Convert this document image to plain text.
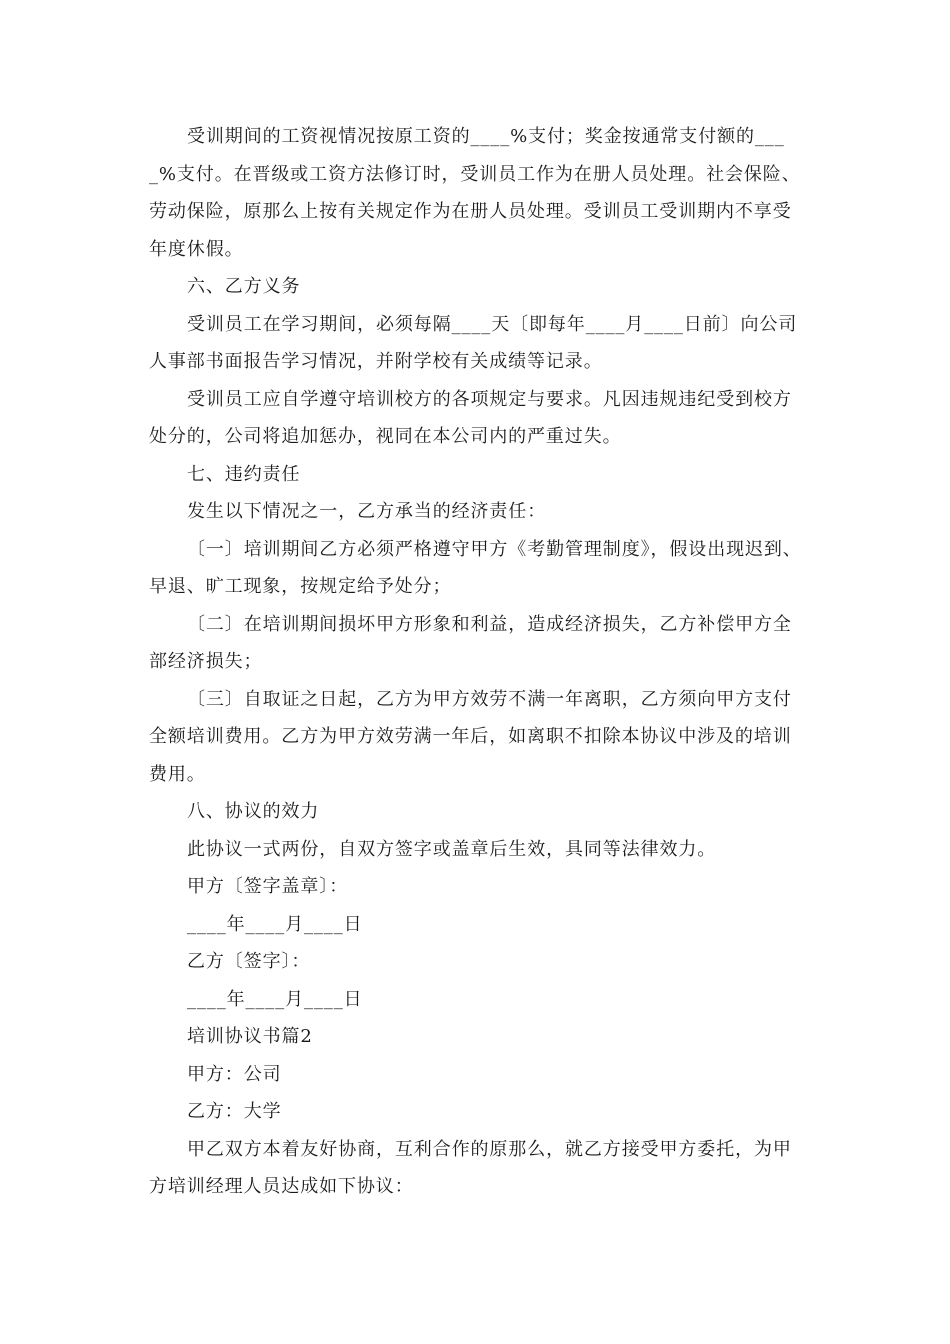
受训期间的工资视情况按原工资的____%支付；奖金按通常支付额的____%支付。在晋级或工资方法修订时，受训员工作为在册人员处理。社会保险、劳动保险，原那么上按有关规定作为在册人员处理。受训员工受训期内不享受年度休假。

六、乙方义务

受训员工在学习期间，必须每隔____天〔即每年____月____日前〕向公司人事部书面报告学习情况，并附学校有关成绩等记录。

受训员工应自学遵守培训校方的各项规定与要求。凡因违规违纪受到校方处分的，公司将追加惩办，视同在本公司内的严重过失。

七、违约责任

发生以下情况之一，乙方承当的经济责任：

〔一〕培训期间乙方必须严格遵守甲方《考勤管理制度》，假设出现迟到、早退、旷工现象，按规定给予处分；

〔二〕在培训期间损坏甲方形象和利益，造成经济损失，乙方补偿甲方全部经济损失；

〔三〕自取证之日起，乙方为甲方效劳不满一年离职，乙方须向甲方支付全额培训费用。乙方为甲方效劳满一年后，如离职不扣除本协议中涉及的培训费用。

八、协议的效力

此协议一式两份，自双方签字或盖章后生效，具同等法律效力。

甲方〔签字盖章〕：

____年____月____日

乙方〔签字〕：

____年____月____日

培训协议书篇2

甲方：公司

乙方：大学

甲乙双方本着友好协商，互利合作的原那么，就乙方接受甲方委托，为甲方培训经理人员达成如下协议：
